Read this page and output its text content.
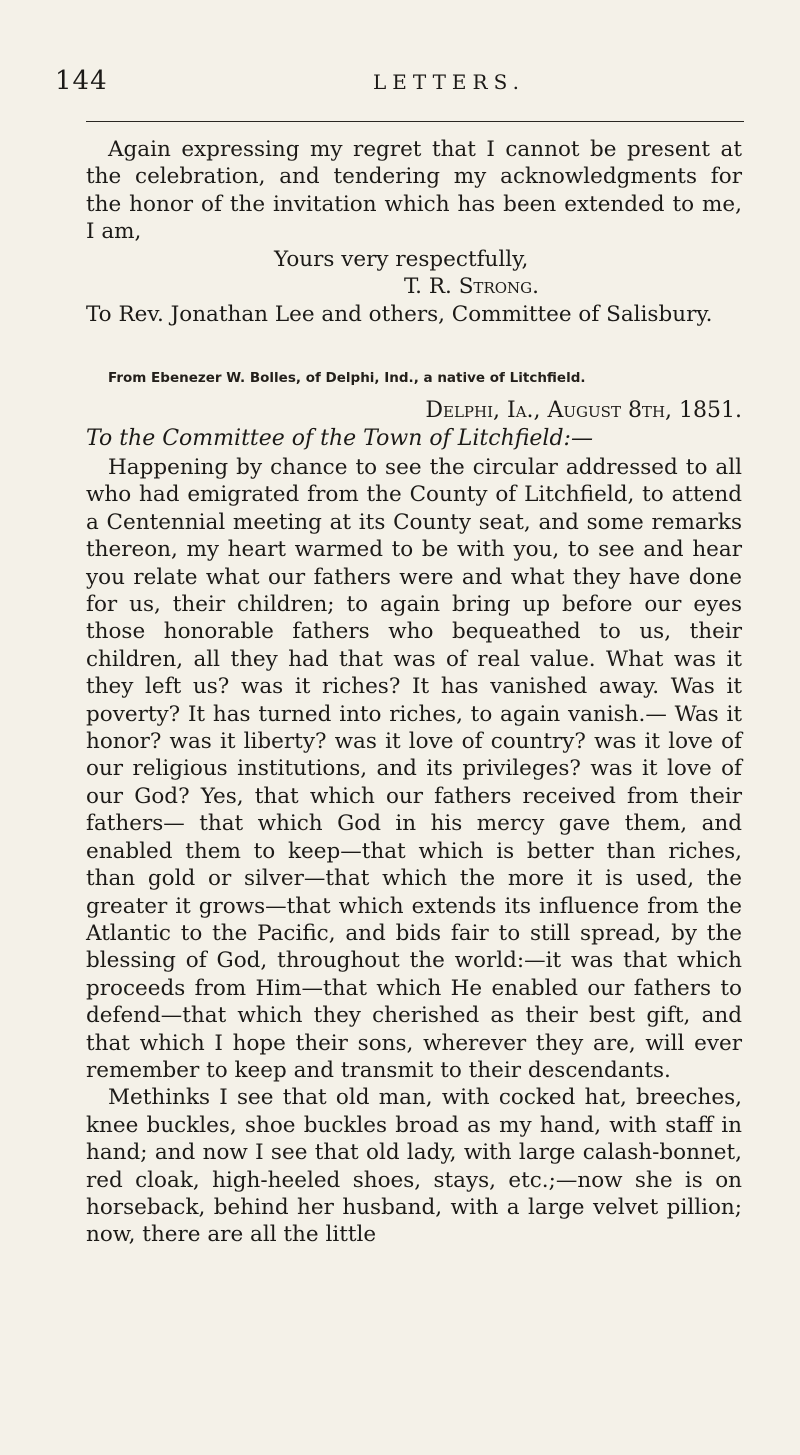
144	LETTERS.

Again expressing my regret that I cannot be present at the celebration, and tendering my acknowledgments for the honor of the invitation which has been extended to me, I am,

Yours very respectfully,
T. R. Strong.
To Rev. Jonathan Lee and others, Committee of Salisbury.
From Ebenezer W. Bolles, of Delphi, Ind., a native of Litchfield.
Delphi, Ia., August 8th, 1851.
To the Committee of the Town of Litchfield:—

Happening by chance to see the circular addressed to all who had emigrated from the County of Litchfield, to attend a Centennial meeting at its County seat, and some remarks thereon, my heart warmed to be with you, to see and hear you relate what our fathers were and what they have done for us, their children; to again bring up before our eyes those honorable fathers who bequeathed to us, their children, all they had that was of real value. What was it they left us? was it riches? It has vanished away. Was it poverty? It has turned into riches, to again vanish.— Was it honor? was it liberty? was it love of country? was it love of our religious institutions, and its privileges? was it love of our God? Yes, that which our fathers received from their fathers— that which God in his mercy gave them, and enabled them to keep—that which is better than riches, than gold or silver—that which the more it is used, the greater it grows—that which extends its influence from the Atlantic to the Pacific, and bids fair to still spread, by the blessing of God, throughout the world:—it was that which proceeds from Him—that which He enabled our fathers to defend—that which they cherished as their best gift, and that which I hope their sons, wherever they are, will ever remember to keep and transmit to their descendants.

Methinks I see that old man, with cocked hat, breeches, knee buckles, shoe buckles broad as my hand, with staff in hand; and now I see that old lady, with large calash-bonnet, red cloak, high-heeled shoes, stays, etc.;—now she is on horseback, behind her husband, with a large velvet pillion; now, there are all the little
